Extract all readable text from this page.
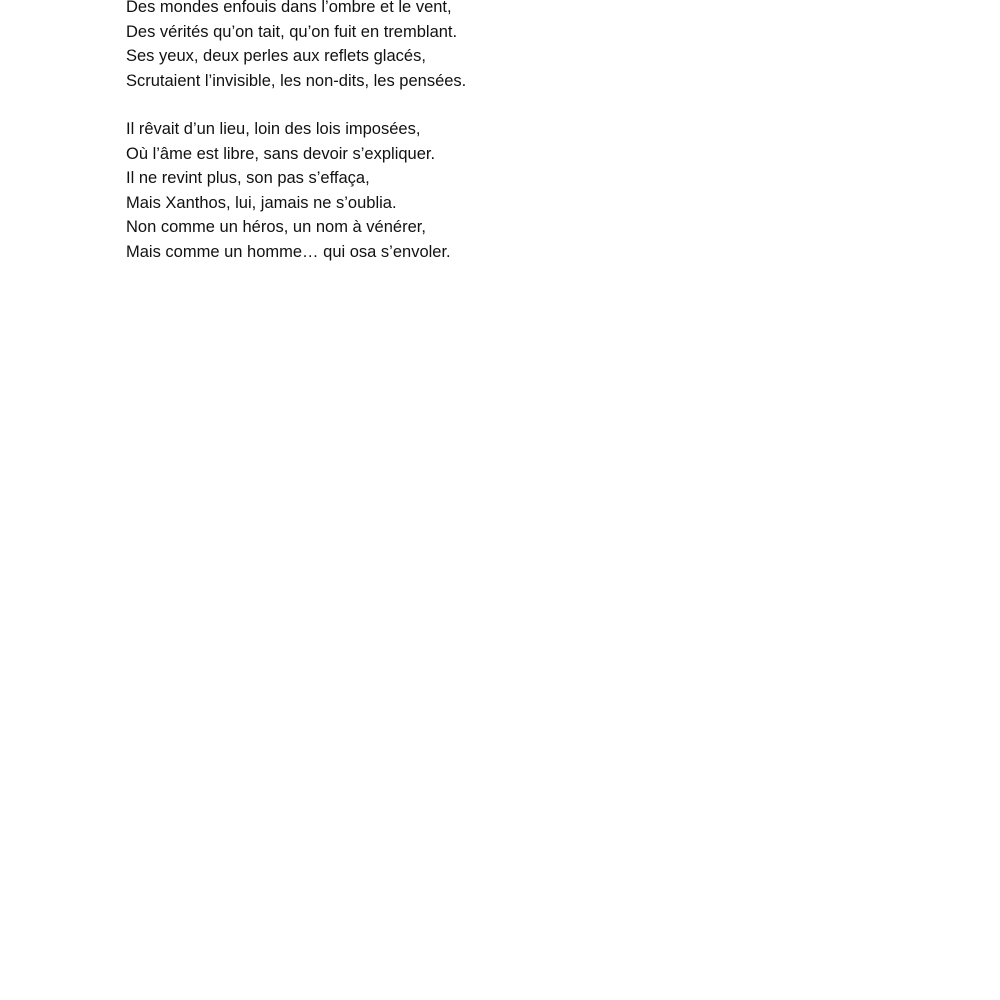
Des mondes enfouis dans l’ombre et le vent,
Des vérités qu’on tait, qu’on fuit en tremblant.
Ses yeux, deux perles aux reflets glacés,
Scrutaient l’invisible, les non-dits, les pensées.
Il rêvait d’un lieu, loin des lois imposées,
Où l’âme est libre, sans devoir s’expliquer.
Il ne revint plus, son pas s’effaça,
Mais Xanthos, lui, jamais ne s’oublia.
Non comme un héros, un nom à vénérer,
Mais comme un homme… qui osa s’envoler.
